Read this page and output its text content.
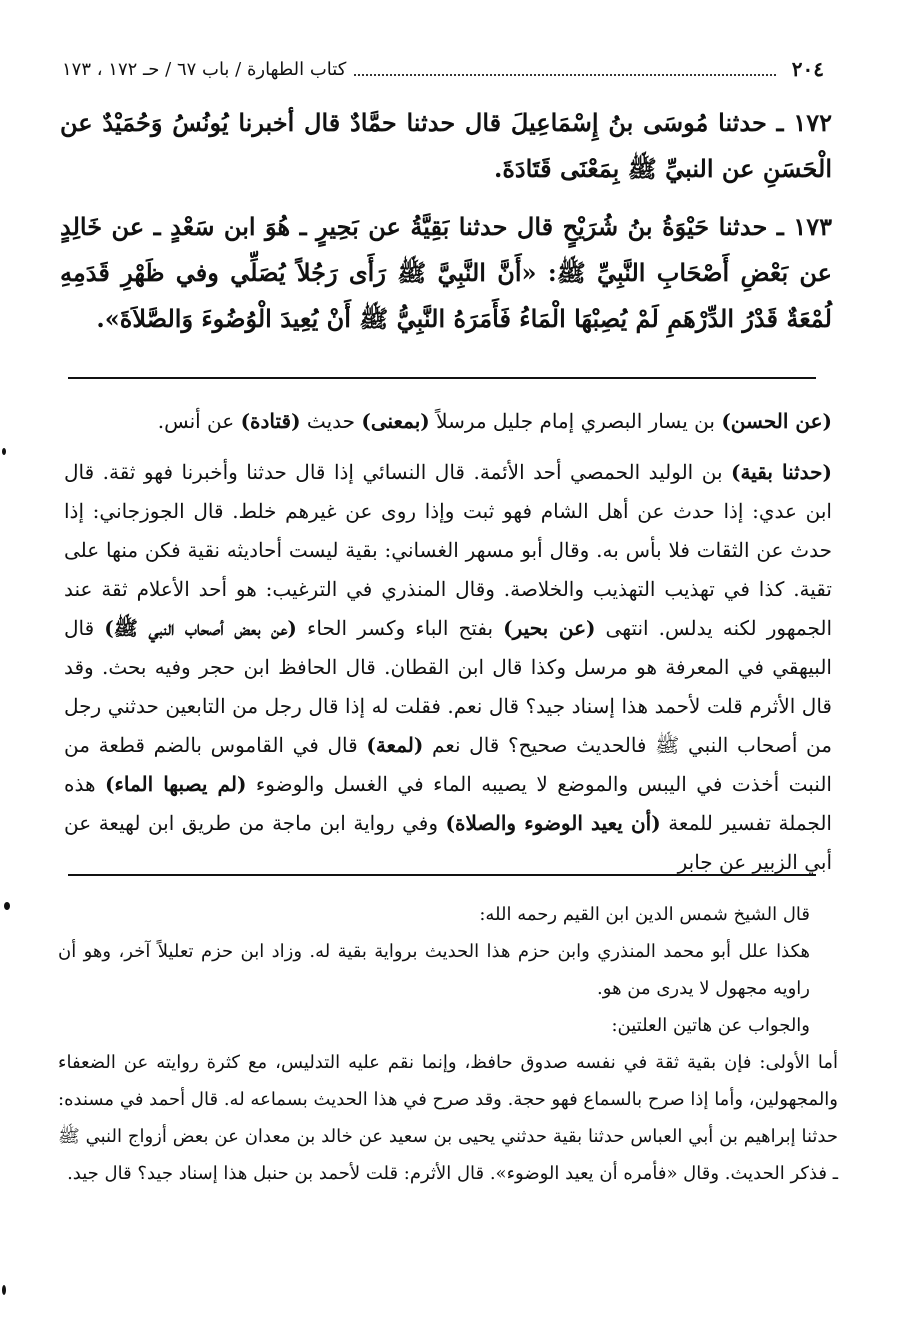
٢٠٤
كتاب الطهارة / باب ٦٧ / حـ ١٧٢ ، ١٧٣
١٧٢ ـ حدثنا مُوسَى بنُ إِسْمَاعِيلَ قال حدثنا حمَّادٌ قال أخبرنا يُونُسُ وَحُمَيْدٌ عن الْحَسَنِ عن النبيِّ ﷺ بِمَعْنَى قَتَادَةَ.
١٧٣ ـ حدثنا حَيْوَةُ بنُ شُرَيْحٍ قال حدثنا بَقِيَّةُ عن بَحِيرٍ ـ هُوَ ابن سَعْدٍ ـ عن خَالِدٍ عن بَعْضِ أَصْحَابِ النَّبِيِّ ﷺ: «أَنَّ النَّبِيَّ ﷺ رَأَى رَجُلاً يُصَلِّي وفي ظَهْرِ قَدَمِهِ لُمْعَةٌ قَدْرُ الدِّرْهَمِ لَمْ يُصِبْهَا الْمَاءُ فَأَمَرَهُ النَّبِيُّ ﷺ أَنْ يُعِيدَ الْوُضُوءَ وَالصَّلاَةَ».

(عن الحسن) بن يسار البصري إمام جليل مرسلاً (بمعنى) حديث (قتادة) عن أنس.

(حدثنا بقية) بن الوليد الحمصي أحد الأئمة. قال النسائي إذا قال حدثنا وأخبرنا فهو ثقة. قال ابن عدي: إذا حدث عن أهل الشام فهو ثبت وإذا روى عن غيرهم خلط. قال الجوزجاني: إذا حدث عن الثقات فلا بأس به. وقال أبو مسهر الغساني: بقية ليست أحاديثه نقية فكن منها على تقية. كذا في تهذيب التهذيب والخلاصة. وقال المنذري في الترغيب: هو أحد الأعلام ثقة عند الجمهور لكنه يدلس. انتهى (عن بحير) بفتح الباء وكسر الحاء (عن بعض أصحاب النبي ﷺ) قال البيهقي في المعرفة هو مرسل وكذا قال ابن القطان. قال الحافظ ابن حجر وفيه بحث. وقد قال الأثرم قلت لأحمد هذا إسناد جيد؟ قال نعم. فقلت له إذا قال رجل من التابعين حدثني رجل من أصحاب النبي ﷺ فالحديث صحيح؟ قال نعم (لمعة) قال في القاموس بالضم قطعة من النبت أخذت في اليبس والموضع لا يصيبه الماء في الغسل والوضوء (لم يصبها الماء) هذه الجملة تفسير للمعة (أن يعيد الوضوء والصلاة) وفي رواية ابن ماجة من طريق ابن لهيعة عن أبي الزبير عن جابر

قال الشيخ شمس الدين ابن القيم رحمه الله:

هكذا علل أبو محمد المنذري وابن حزم هذا الحديث برواية بقية له. وزاد ابن حزم تعليلاً آخر، وهو أن راويه مجهول لا يدرى من هو.

والجواب عن هاتين العلتين:

أما الأولى: فإن بقية ثقة في نفسه صدوق حافظ، وإنما نقم عليه التدليس، مع كثرة روايته عن الضعفاء والمجهولين، وأما إذا صرح بالسماع فهو حجة. وقد صرح في هذا الحديث بسماعه له. قال أحمد في مسنده: حدثنا إبراهيم بن أبي العباس حدثنا بقية حدثني يحيى بن سعيد عن خالد بن معدان عن بعض أزواج النبي ﷺ ـ فذكر الحديث. وقال «فأمره أن يعيد الوضوء». قال الأثرم: قلت لأحمد بن حنبل هذا إسناد جيد؟ قال جيد.
